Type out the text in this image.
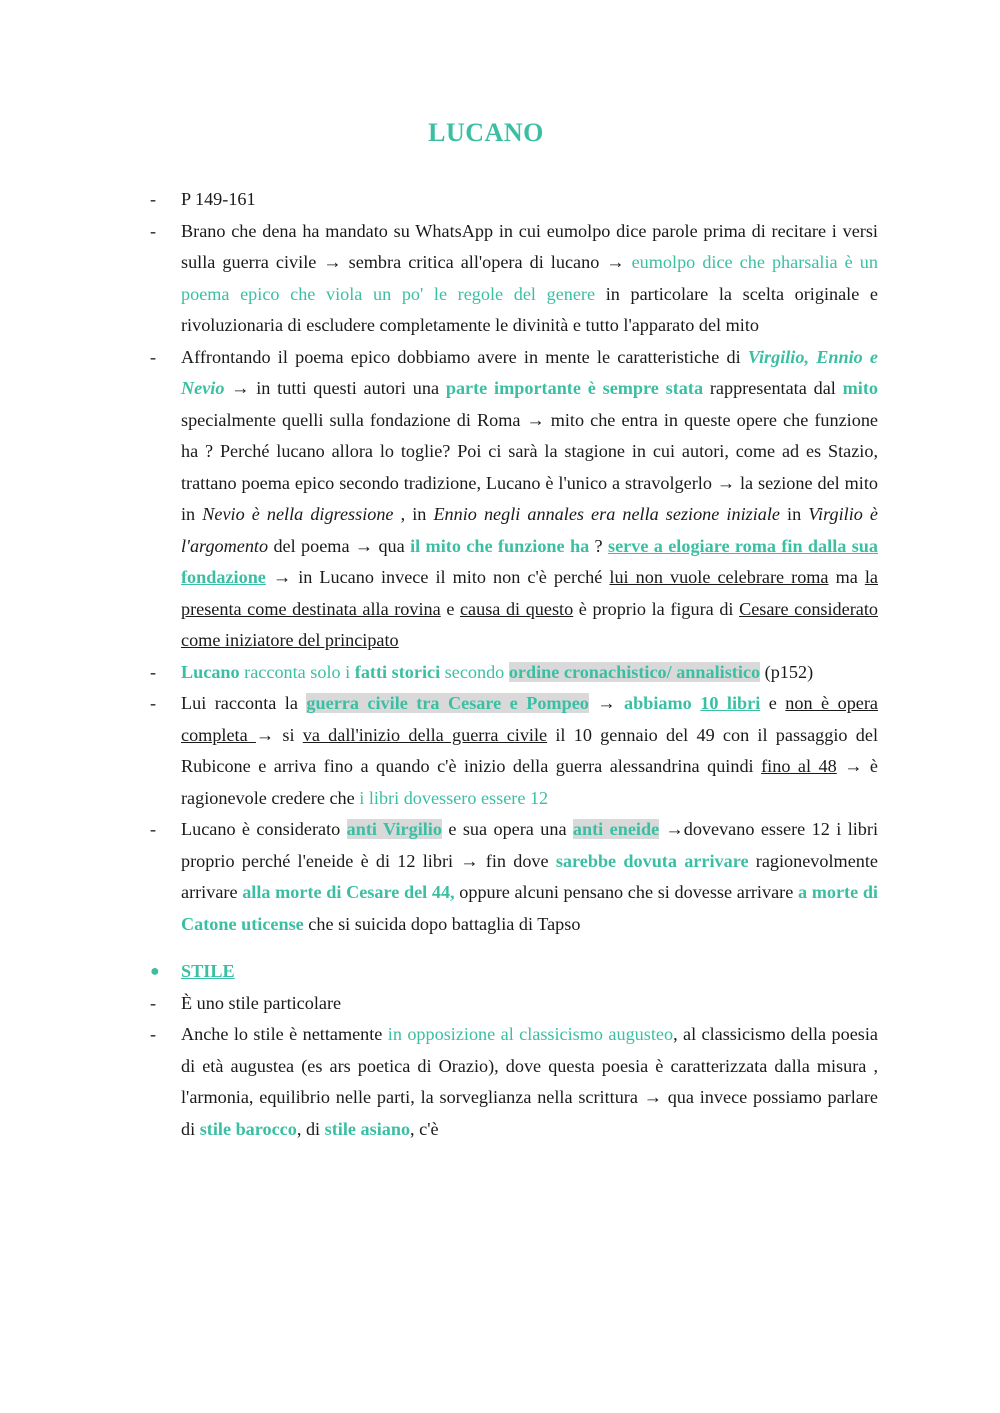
LUCANO
-	P 149-161
-	Brano che dena ha mandato su WhatsApp in cui eumolpo dice parole prima di recitare i versi sulla guerra civile → sembra critica all'opera di lucano → eumolpo dice che pharsalia è un poema epico che viola un po' le regole del genere in particolare la scelta originale e rivoluzionaria di escludere completamente le divinità e tutto l'apparato del mito
-	Affrontando il poema epico dobbiamo avere in mente le caratteristiche di Virgilio, Ennio e Nevio → in tutti questi autori una parte importante è sempre stata rappresentata dal mito specialmente quelli sulla fondazione di Roma → mito che entra in queste opere che funzione ha ? Perché lucano allora lo toglie? Poi ci sarà la stagione in cui autori, come ad es Stazio, trattano poema epico secondo tradizione, Lucano è l'unico a stravolgerlo → la sezione del mito in Nevio è nella digressione , in Ennio negli annales era nella sezione iniziale in Virgilio è l'argomento del poema → qua il mito che funzione ha ? serve a elogiare roma fin dalla sua fondazione → in Lucano invece il mito non c'è perché lui non vuole celebrare roma ma la presenta come destinata alla rovina e causa di questo è proprio la figura di Cesare considerato come iniziatore del principato
-	Lucano racconta solo i fatti storici secondo ordine cronachistico/ annalistico (p152)
-	Lui racconta la guerra civile tra Cesare e Pompeo → abbiamo 10 libri e non è opera completa → si va dall'inizio della guerra civile il 10 gennaio del 49 con il passaggio del Rubicone e arriva fino a quando c'è inizio della guerra alessandrina quindi fino al 48 → è ragionevole credere che i libri dovessero essere 12
-	Lucano è considerato anti Virgilio e sua opera una anti eneide →dovevano essere 12 i libri proprio perché l'eneide è di 12 libri → fin dove sarebbe dovuta arrivare ragionevolmente arrivare alla morte di Cesare del 44, oppure alcuni pensano che si dovesse arrivare a morte di Catone uticense che si suicida dopo battaglia di Tapso
●	STILE
-	È uno stile particolare
-	Anche lo stile è nettamente in opposizione al classicismo augusteo, al classicismo della poesia di età augustea (es ars poetica di Orazio), dove questa poesia è caratterizzata dalla misura , l'armonia, equilibrio nelle parti, la sorveglianza nella scrittura → qua invece possiamo parlare di stile barocco, di stile asiano, c'è
